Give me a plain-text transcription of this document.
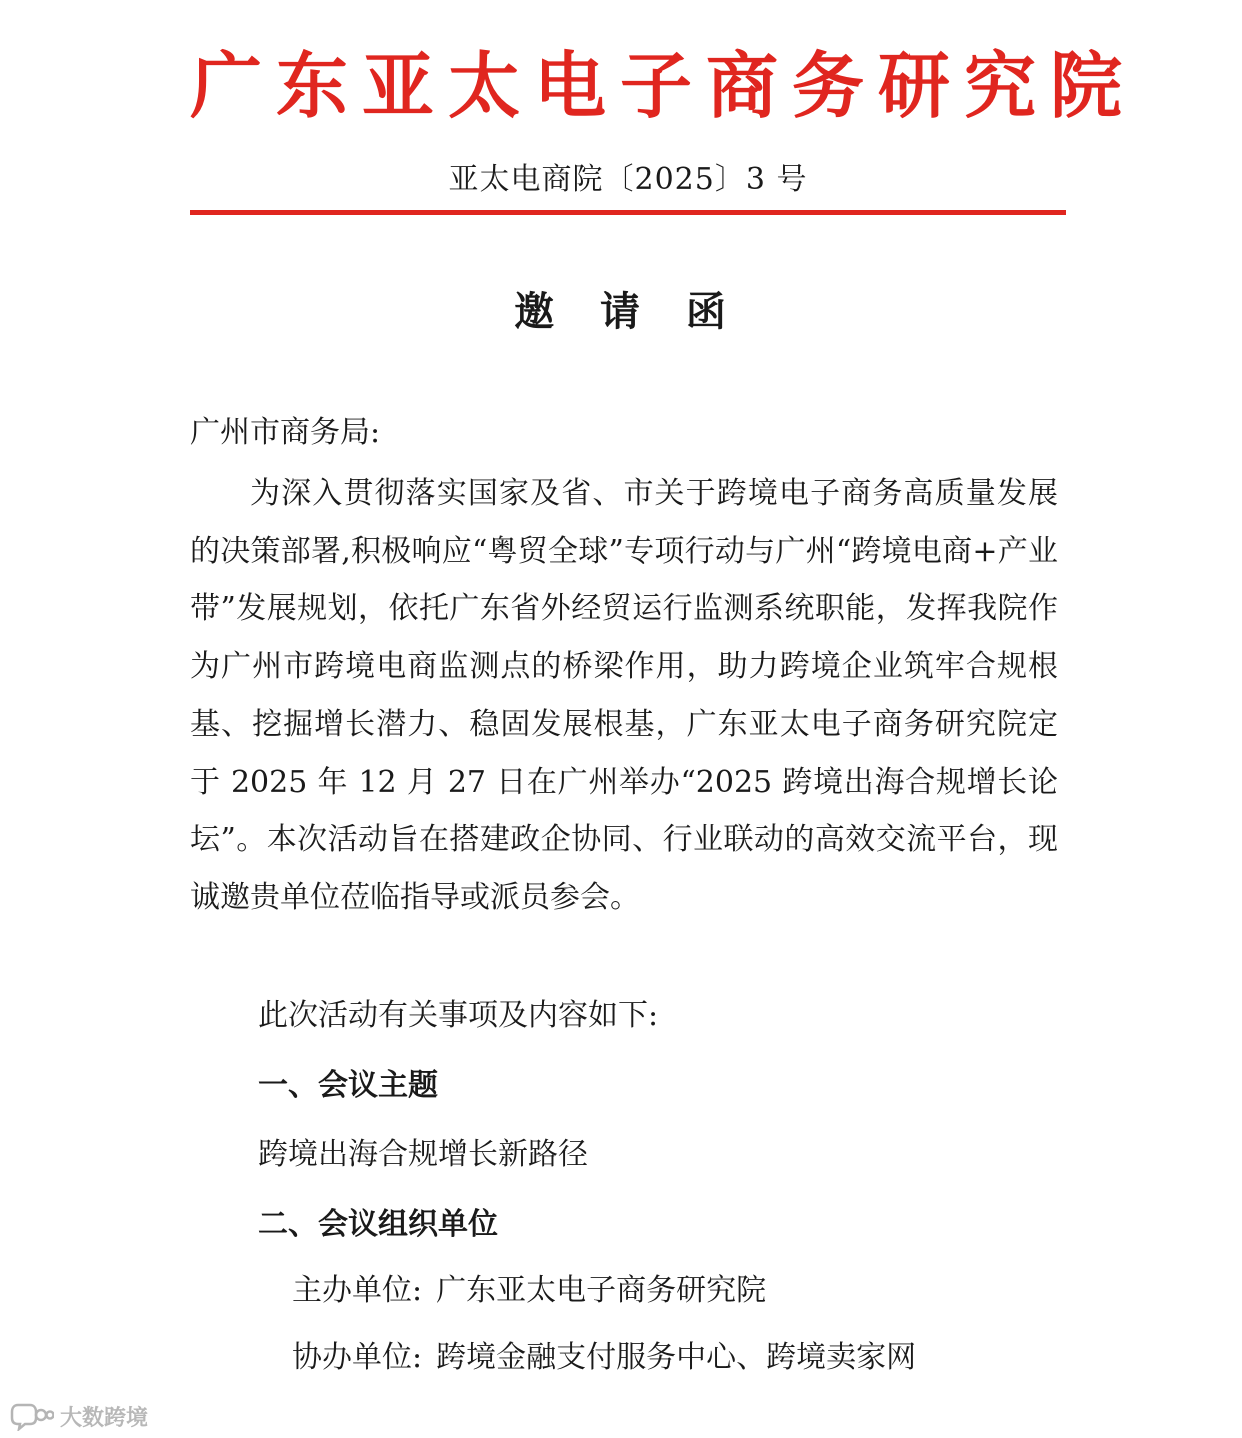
广东亚太电子商务研究院
亚太电商院〔2025〕3 号
邀 请 函
广州市商务局:
为深入贯彻落实国家及省、市关于跨境电子商务高质量发展的决策部署,积极响应“粤贸全球”专项行动与广州“跨境电商+产业带”发展规划，依托广东省外经贸运行监测系统职能，发挥我院作为广州市跨境电商监测点的桥梁作用，助力跨境企业筑牢合规根基、挖掘增长潜力、稳固发展根基，广东亚太电子商务研究院定于 2025 年 12 月 27 日在广州举办“2025 跨境出海合规增长论坛”。本次活动旨在搭建政企协同、行业联动的高效交流平台，现诚邀贵单位莅临指导或派员参会。
此次活动有关事项及内容如下:
一、会议主题
跨境出海合规增长新路径
二、会议组织单位
主办单位: 广东亚太电子商务研究院
协办单位: 跨境金融支付服务中心、跨境卖家网
大数跨境
